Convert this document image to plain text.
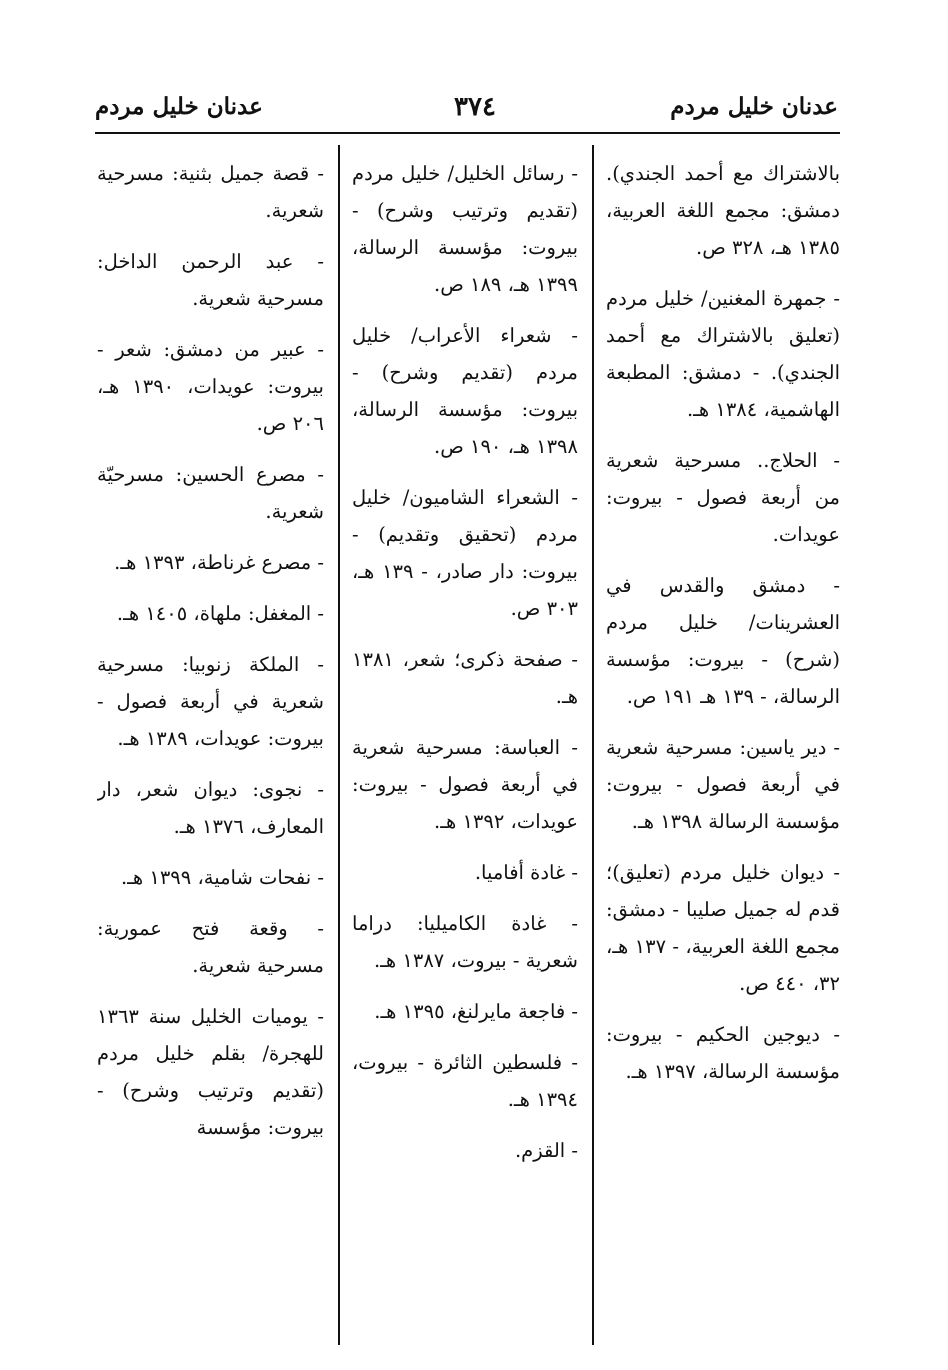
عدنان خليل مردم
٣٧٤
عدنان خليل مردم

بالاشتراك مع أحمد الجندي). دمشق: مجمع اللغة العربية، ١٣٨٥ هـ، ٣٢٨ ص.

- جمهرة المغنين/ خليل مردم (تعليق بالاشتراك مع أحمد الجندي). - دمشق: المطبعة الهاشمية، ١٣٨٤ هـ.

- الحلاج.. مسرحية شعرية من أربعة فصول - بيروت: عويدات.

- دمشق والقدس في العشرينات/ خليل مردم (شرح) - بيروت: مؤسسة الرسالة، - ١٣٩ هـ ١٩١ ص.

- دير ياسين: مسرحية شعرية في أربعة فصول - بيروت: مؤسسة الرسالة ١٣٩٨ هـ.

- ديوان خليل مردم (تعليق)؛ قدم له جميل صليبا - دمشق: مجمع اللغة العربية، - ١٣٧ هـ، ٣٢، ٤٤٠ ص.

- ديوجين الحكيم - بيروت: مؤسسة الرسالة، ١٣٩٧ هـ.

- رسائل الخليل/ خليل مردم (تقديم وترتيب وشرح) - بيروت: مؤسسة الرسالة، ١٣٩٩ هـ، ١٨٩ ص.

- شعراء الأعراب/ خليل مردم (تقديم وشرح) - بيروت: مؤسسة الرسالة، ١٣٩٨ هـ، ١٩٠ ص.

- الشعراء الشاميون/ خليل مردم (تحقيق وتقديم) - بيروت: دار صادر، - ١٣٩ هـ، ٣٠٣ ص.

- صفحة ذكرى؛ شعر، ١٣٨١ هـ.

- العباسة: مسرحية شعرية في أربعة فصول - بيروت: عويدات، ١٣٩٢ هـ.

- غادة أفاميا.

- غادة الكاميليا: دراما شعرية - بيروت، ١٣٨٧ هـ.

- فاجعة مايرلنغ، ١٣٩٥ هـ.

- فلسطين الثائرة - بيروت، ١٣٩٤ هـ.

- القزم.

- قصة جميل بثنية: مسرحية شعرية.

- عبد الرحمن الداخل: مسرحية شعرية.

- عبير من دمشق: شعر - بيروت: عويدات، ١٣٩٠ هـ، ٢٠٦ ص.

- مصرع الحسين: مسرحيّة شعرية.

- مصرع غرناطة، ١٣٩٣ هـ.

- المغفل: ملهاة، ١٤٠٥ هـ.

- الملكة زنوبيا: مسرحية شعرية في أربعة فصول - بيروت: عويدات، ١٣٨٩ هـ.

- نجوى: ديوان شعر، دار المعارف، ١٣٧٦ هـ.

- نفحات شامية، ١٣٩٩ هـ.

- وقعة فتح عمورية: مسرحية شعرية.

- يوميات الخليل سنة ١٣٦٣ للهجرة/ بقلم خليل مردم (تقديم وترتيب وشرح) - بيروت: مؤسسة
